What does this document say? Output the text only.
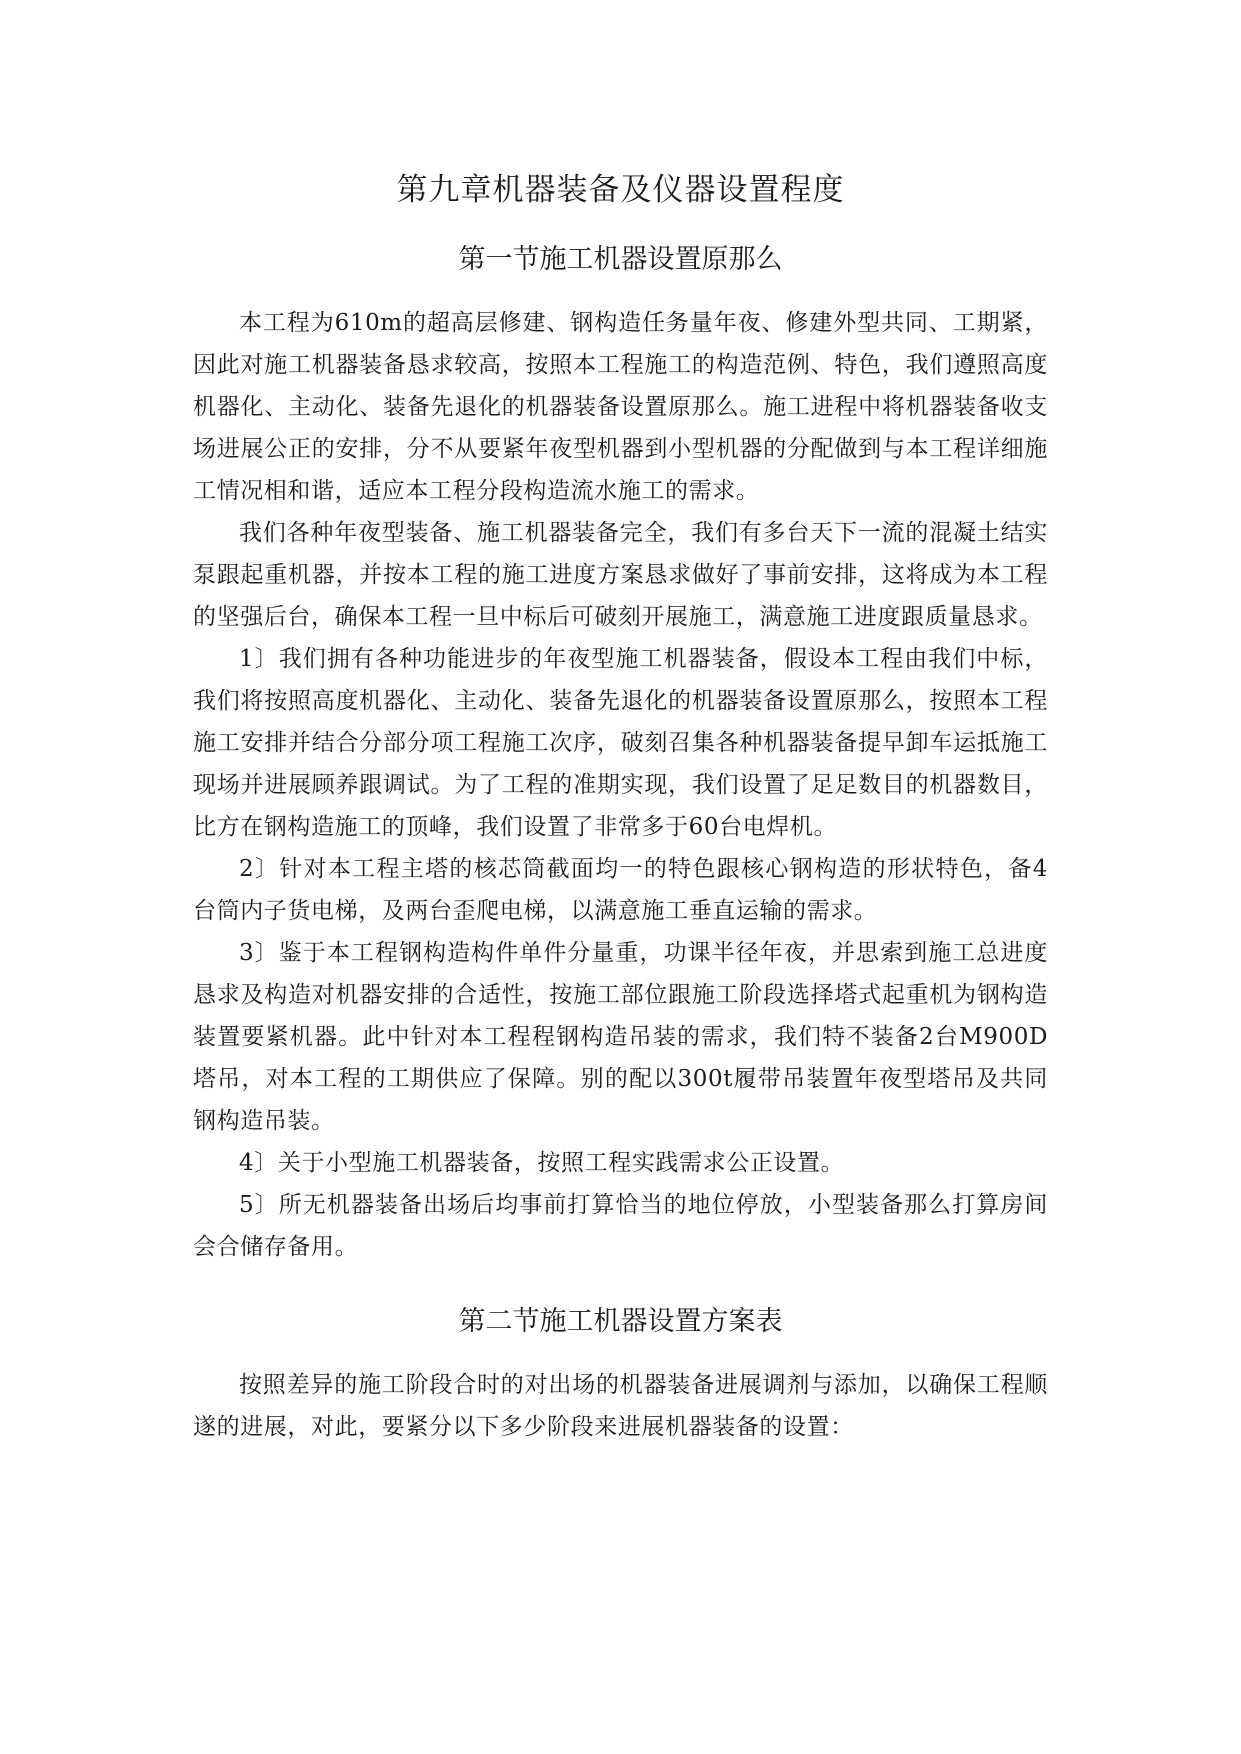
第九章机器装备及仪器设置程度
第一节施工机器设置原那么

本工程为610m的超高层修建、钢构造任务量年夜、修建外型共同、工期紧，因此对施工机器装备恳求较高，按照本工程施工的构造范例、特色，我们遵照高度机器化、主动化、装备先退化的机器装备设置原那么。施工进程中将机器装备收支场进展公正的安排，分不从要紧年夜型机器到小型机器的分配做到与本工程详细施工情况相和谐，适应本工程分段构造流水施工的需求。

我们各种年夜型装备、施工机器装备完全，我们有多台天下一流的混凝土结实泵跟起重机器，并按本工程的施工进度方案恳求做好了事前安排，这将成为本工程的坚强后台，确保本工程一旦中标后可破刻开展施工，满意施工进度跟质量恳求。

1〕我们拥有各种功能进步的年夜型施工机器装备，假设本工程由我们中标，我们将按照高度机器化、主动化、装备先退化的机器装备设置原那么，按照本工程施工安排并结合分部分项工程施工次序，破刻召集各种机器装备提早卸车运抵施工现场并进展顾养跟调试。为了工程的准期实现，我们设置了足足数目的机器数目，比方在钢构造施工的顶峰，我们设置了非常多于60台电焊机。

2〕针对本工程主塔的核芯筒截面均一的特色跟核心钢构造的形状特色，备4台筒内子货电梯，及两台歪爬电梯，以满意施工垂直运输的需求。

3〕鉴于本工程钢构造构件单件分量重，功课半径年夜，并思索到施工总进度恳求及构造对机器安排的合适性，按施工部位跟施工阶段选择塔式起重机为钢构造装置要紧机器。此中针对本工程程钢构造吊装的需求，我们特不装备2台M900D塔吊，对本工程的工期供应了保障。别的配以300t履带吊装置年夜型塔吊及共同钢构造吊装。

4〕关于小型施工机器装备，按照工程实践需求公正设置。

5〕所无机器装备出场后均事前打算恰当的地位停放，小型装备那么打算房间会合储存备用。

第二节施工机器设置方案表

按照差异的施工阶段合时的对出场的机器装备进展调剂与添加，以确保工程顺遂的进展，对此，要紧分以下多少阶段来进展机器装备的设置：
